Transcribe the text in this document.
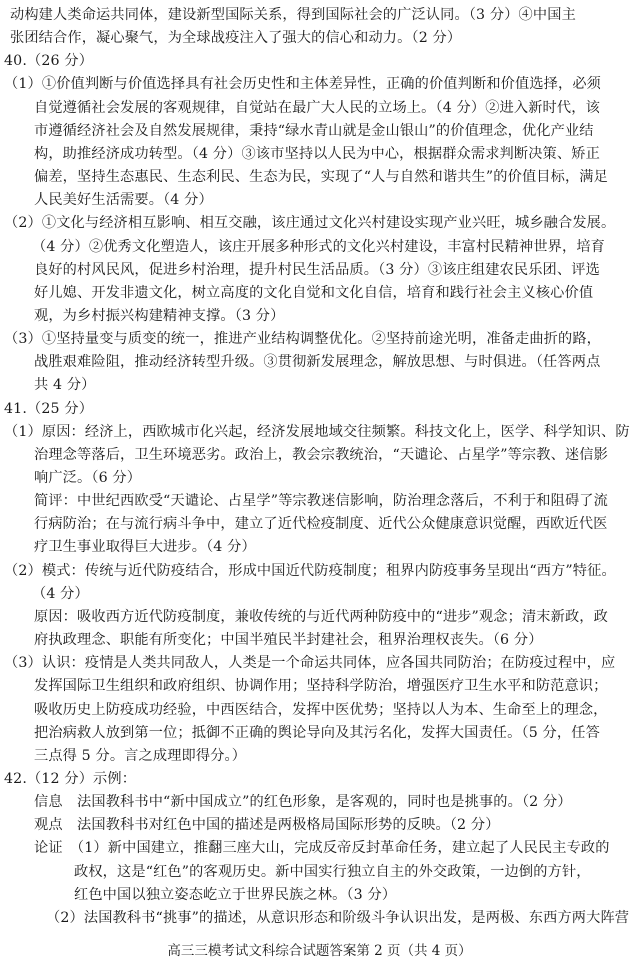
动构建人类命运共同体，建设新型国际关系，得到国际社会的广泛认同。（3 分）④中国主
张团结合作，凝心聚气，为全球战疫注入了强大的信心和动力。（2 分）
40.（26 分）
（1）①价值判断与价值选择具有社会历史性和主体差异性，正确的价值判断和价值选择，必须
自觉遵循社会发展的客观规律，自觉站在最广大人民的立场上。（4 分）②进入新时代，该
市遵循经济社会及自然发展规律，秉持“绿水青山就是金山银山”的价值理念，优化产业结
构，助推经济成功转型。（4 分）③该市坚持以人民为中心，根据群众需求判断决策、矫正
偏差，坚持生态惠民、生态利民、生态为民，实现了“人与自然和谐共生”的价值目标，满足
人民美好生活需要。（4 分）
（2）①文化与经济相互影响、相互交融，该庄通过文化兴村建设实现产业兴旺，城乡融合发展。
（4 分）②优秀文化塑造人，该庄开展多种形式的文化兴村建设，丰富村民精神世界，培育
良好的村风民风，促进乡村治理，提升村民生活品质。（3 分）③该庄组建农民乐团、评选
好儿媳、开发非遗文化，树立高度的文化自觉和文化自信，培育和践行社会主义核心价值
观，为乡村振兴构建精神支撑。（3 分）
（3）①坚持量变与质变的统一，推进产业结构调整优化。②坚持前途光明，准备走曲折的路，
战胜艰难险阻，推动经济转型升级。③贯彻新发展理念，解放思想、与时俱进。（任答两点
共 4 分）
41.（25 分）
（1）原因：经济上，西欧城市化兴起，经济发展地域交往频繁。科技文化上，医学、科学知识、防
治理念等落后，卫生环境恶劣。政治上，教会宗教统治，“天谴论、占星学”等宗教、迷信影
响广泛。（6 分）
简评：中世纪西欧受“天谴论、占星学”等宗教迷信影响，防治理念落后，不利于和阻碍了流
行病防治；在与流行病斗争中，建立了近代检疫制度、近代公众健康意识觉醒，西欧近代医
疗卫生事业取得巨大进步。（4 分）
（2）模式：传统与近代防疫结合，形成中国近代防疫制度；租界内防疫事务呈现出“西方”特征。
（4 分）
原因：吸收西方近代防疫制度，兼收传统的与近代两种防疫中的“进步”观念；清末新政，政
府执政理念、职能有所变化；中国半殖民半封建社会，租界治理权丧失。（6 分）
（3）认识：疫情是人类共同敌人，人类是一个命运共同体，应各国共同防治；在防疫过程中，应
发挥国际卫生组织和政府组织、协调作用；坚持科学防治，增强医疗卫生水平和防范意识；
吸收历史上防疫成功经验，中西医结合，发挥中医优势；坚持以人为本、生命至上的理念，
把治病救人放到第一位；抵御不正确的舆论导向及其污名化，发挥大国责任。（5 分，任答
三点得 5 分。言之成理即得分。）
42.（12 分）示例：
信息　法国教科书中“新中国成立”的红色形象，是客观的，同时也是挑事的。（2 分）
观点　法国教科书对红色中国的描述是两极格局国际形势的反映。（2 分）
论证　（1）新中国建立，推翻三座大山，完成反帝反封革命任务，建立起了人民民主专政的
政权，这是“红色”的客观历史。新中国实行独立自主的外交政策，一边倒的方针，
红色中国以独立姿态屹立于世界民族之林。（3 分）
（2）法国教科书“挑事”的描述，从意识形态和阶级斗争认识出发，是两极、东西方两大阵营
高三三模考试文科综合试题答案第 2 页（共 4 页）
